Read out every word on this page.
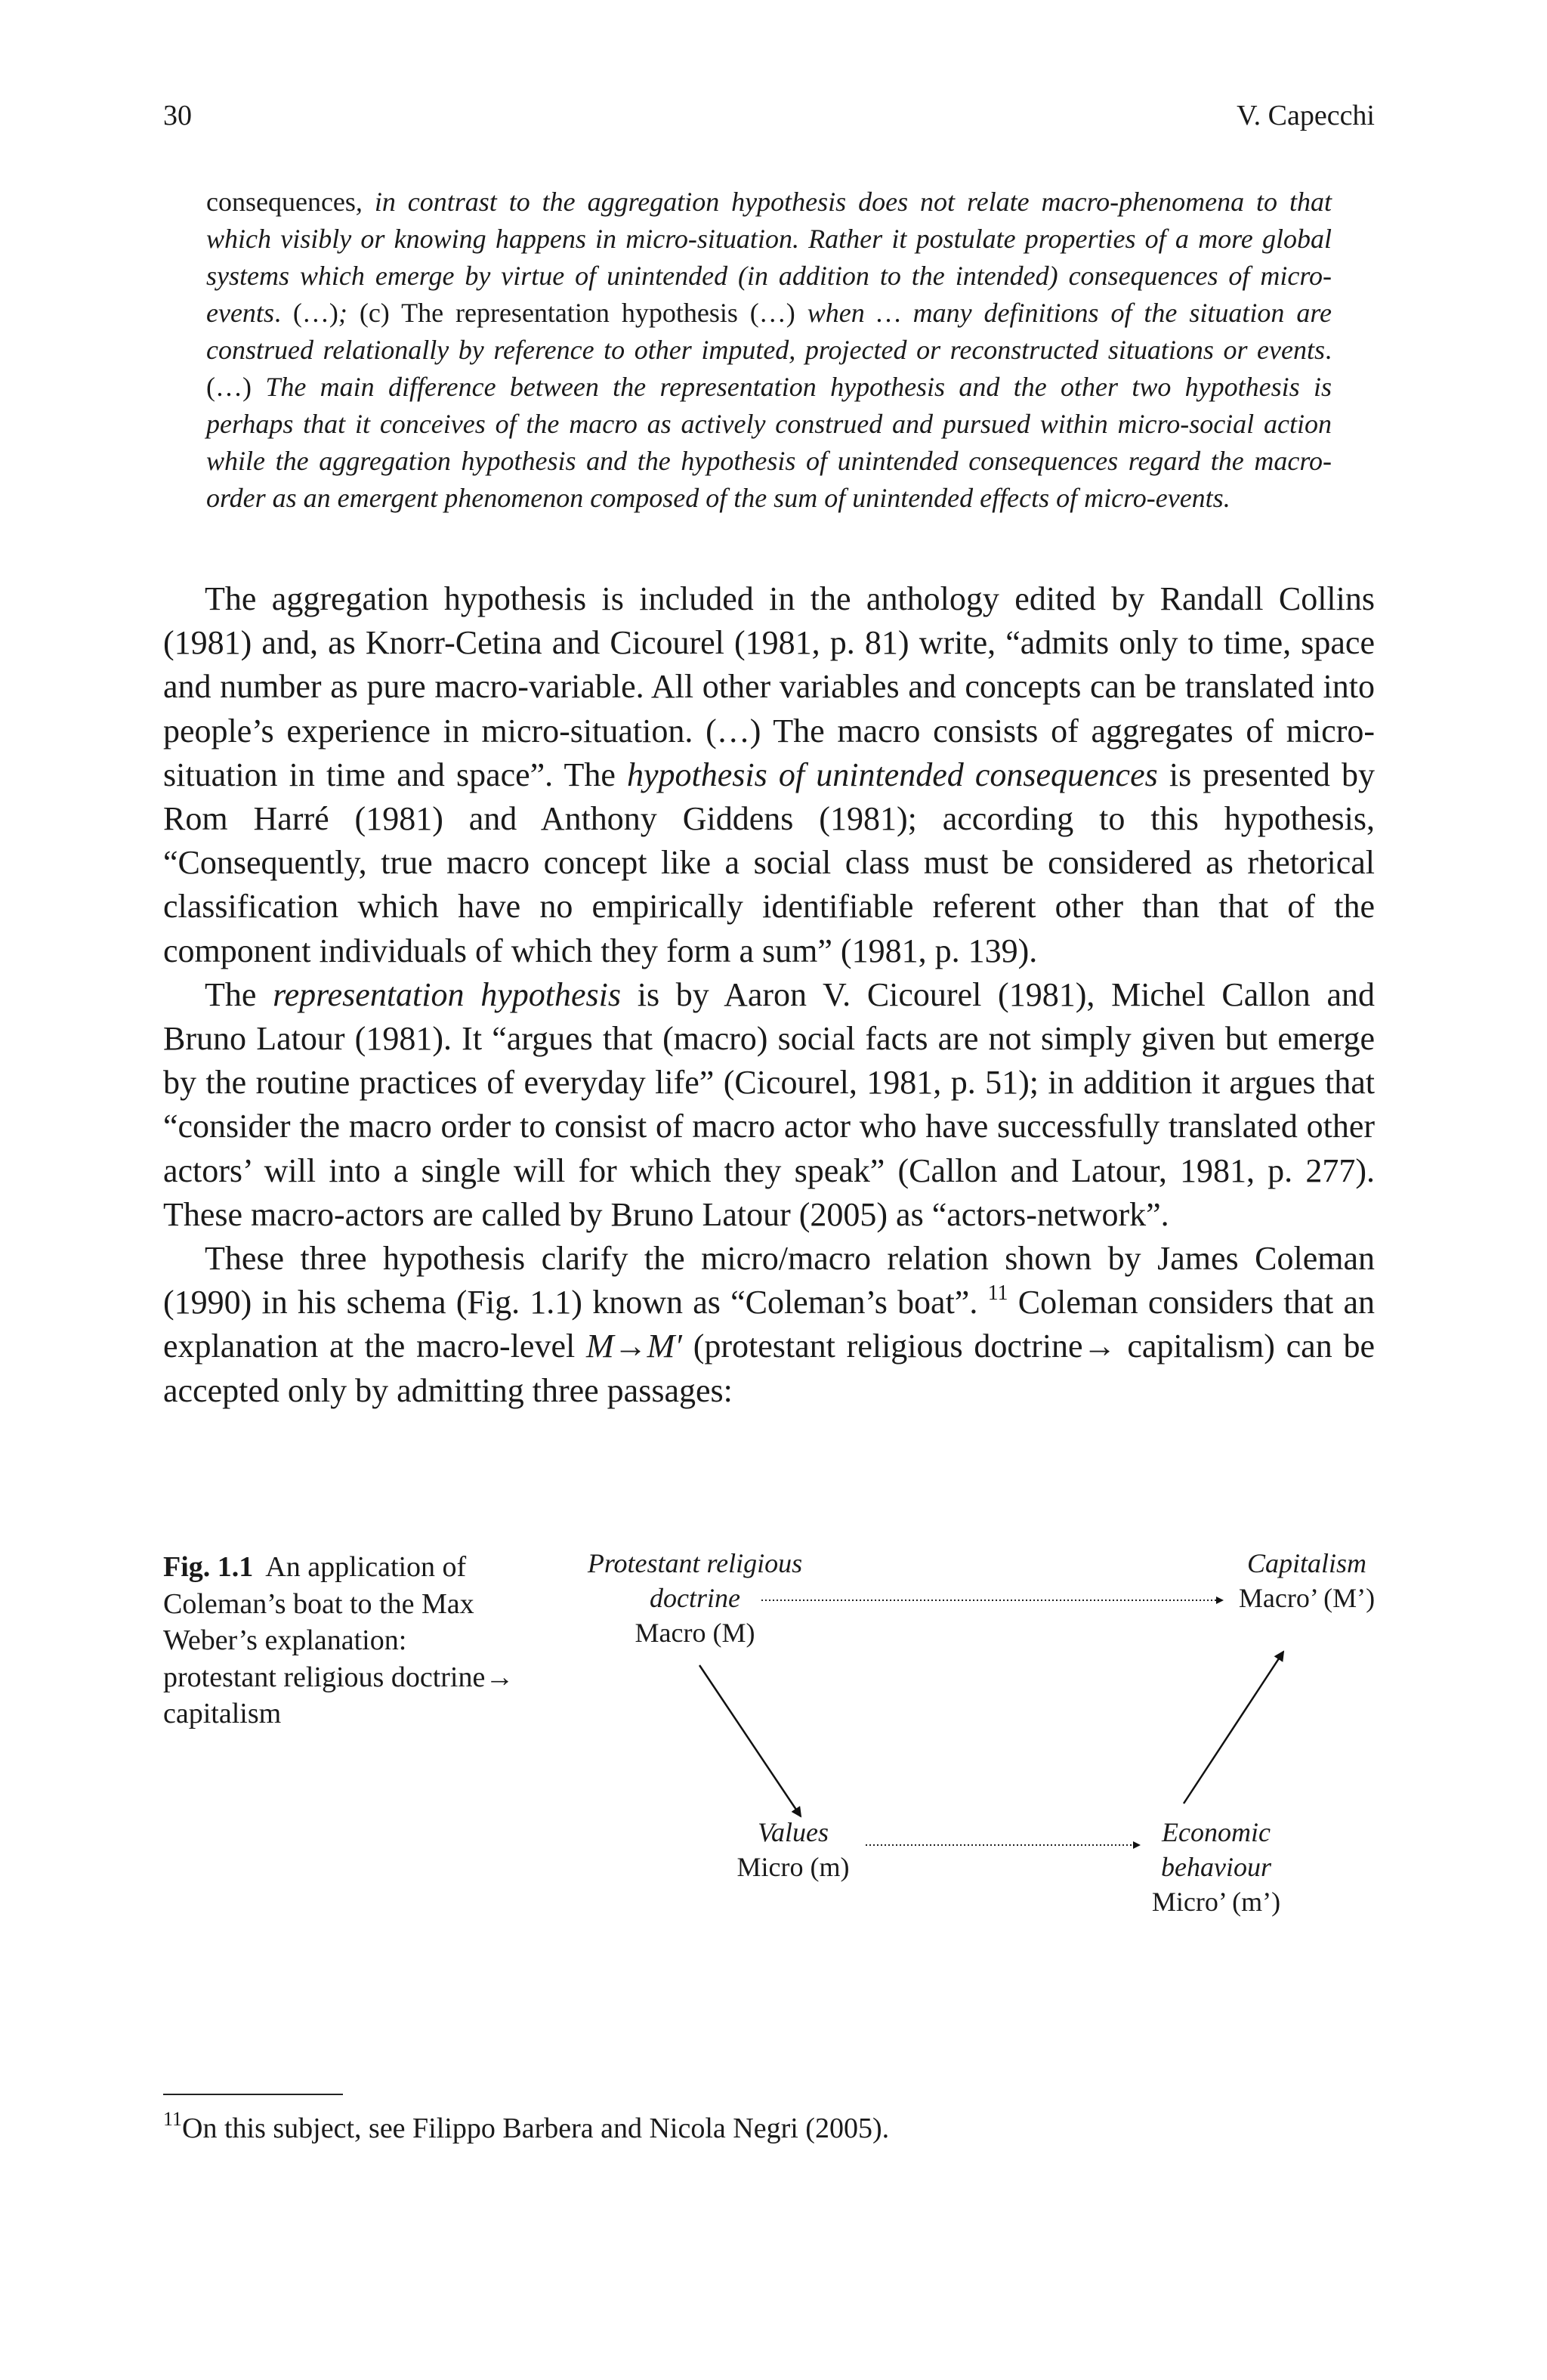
30	V. Capecchi
consequences, in contrast to the aggregation hypothesis does not relate macro-phenomena to that which visibly or knowing happens in micro-situation. Rather it postulate properties of a more global systems which emerge by virtue of unintended (in addition to the intended) consequences of micro-events. (…); (c) The representation hypothesis (…) when … many definitions of the situation are construed relationally by reference to other imputed, projected or reconstructed situations or events. (…) The main difference between the representation hypothesis and the other two hypothesis is perhaps that it conceives of the macro as actively construed and pursued within micro-social action while the aggregation hypothesis and the hypothesis of unintended consequences regard the macro-order as an emergent phenomenon composed of the sum of unintended effects of micro-events.

The aggregation hypothesis is included in the anthology edited by Randall Collins (1981) and, as Knorr-Cetina and Cicourel (1981, p. 81) write, “admits only to time, space and number as pure macro-variable. All other variables and concepts can be translated into people’s experience in micro-situation. (…) The macro consists of aggregates of micro-situation in time and space”. The hypothesis of unintended consequences is presented by Rom Harré (1981) and Anthony Giddens (1981); according to this hypothesis, “Consequently, true macro concept like a social class must be considered as rhetorical classification which have no empirically identifiable referent other than that of the component individuals of which they form a sum” (1981, p. 139).

The representation hypothesis is by Aaron V. Cicourel (1981), Michel Callon and Bruno Latour (1981). It “argues that (macro) social facts are not simply given but emerge by the routine practices of everyday life” (Cicourel, 1981, p. 51); in addition it argues that “consider the macro order to consist of macro actor who have successfully translated other actors’ will into a single will for which they speak” (Callon and Latour, 1981, p. 277). These macro-actors are called by Bruno Latour (2005) as “actors-network”.

These three hypothesis clarify the micro/macro relation shown by James Coleman (1990) in his schema (Fig. 1.1) known as “Coleman’s boat”. $^{11}$ Coleman considers that an explanation at the macro-level M→M′ (protestant religious doctrine→ capitalism) can be accepted only by admitting three passages:

Fig. 1.1 An application of Coleman’s boat to the Max Weber’s explanation: protestant religious doctrine→ capitalism
Protestant religious doctrine
Macro (M)
Capitalism
Macro’ (M’)
Values
Micro (m)
Economic behaviour
Micro’ (m’)
$^{11}$On this subject, see Filippo Barbera and Nicola Negri (2005).
